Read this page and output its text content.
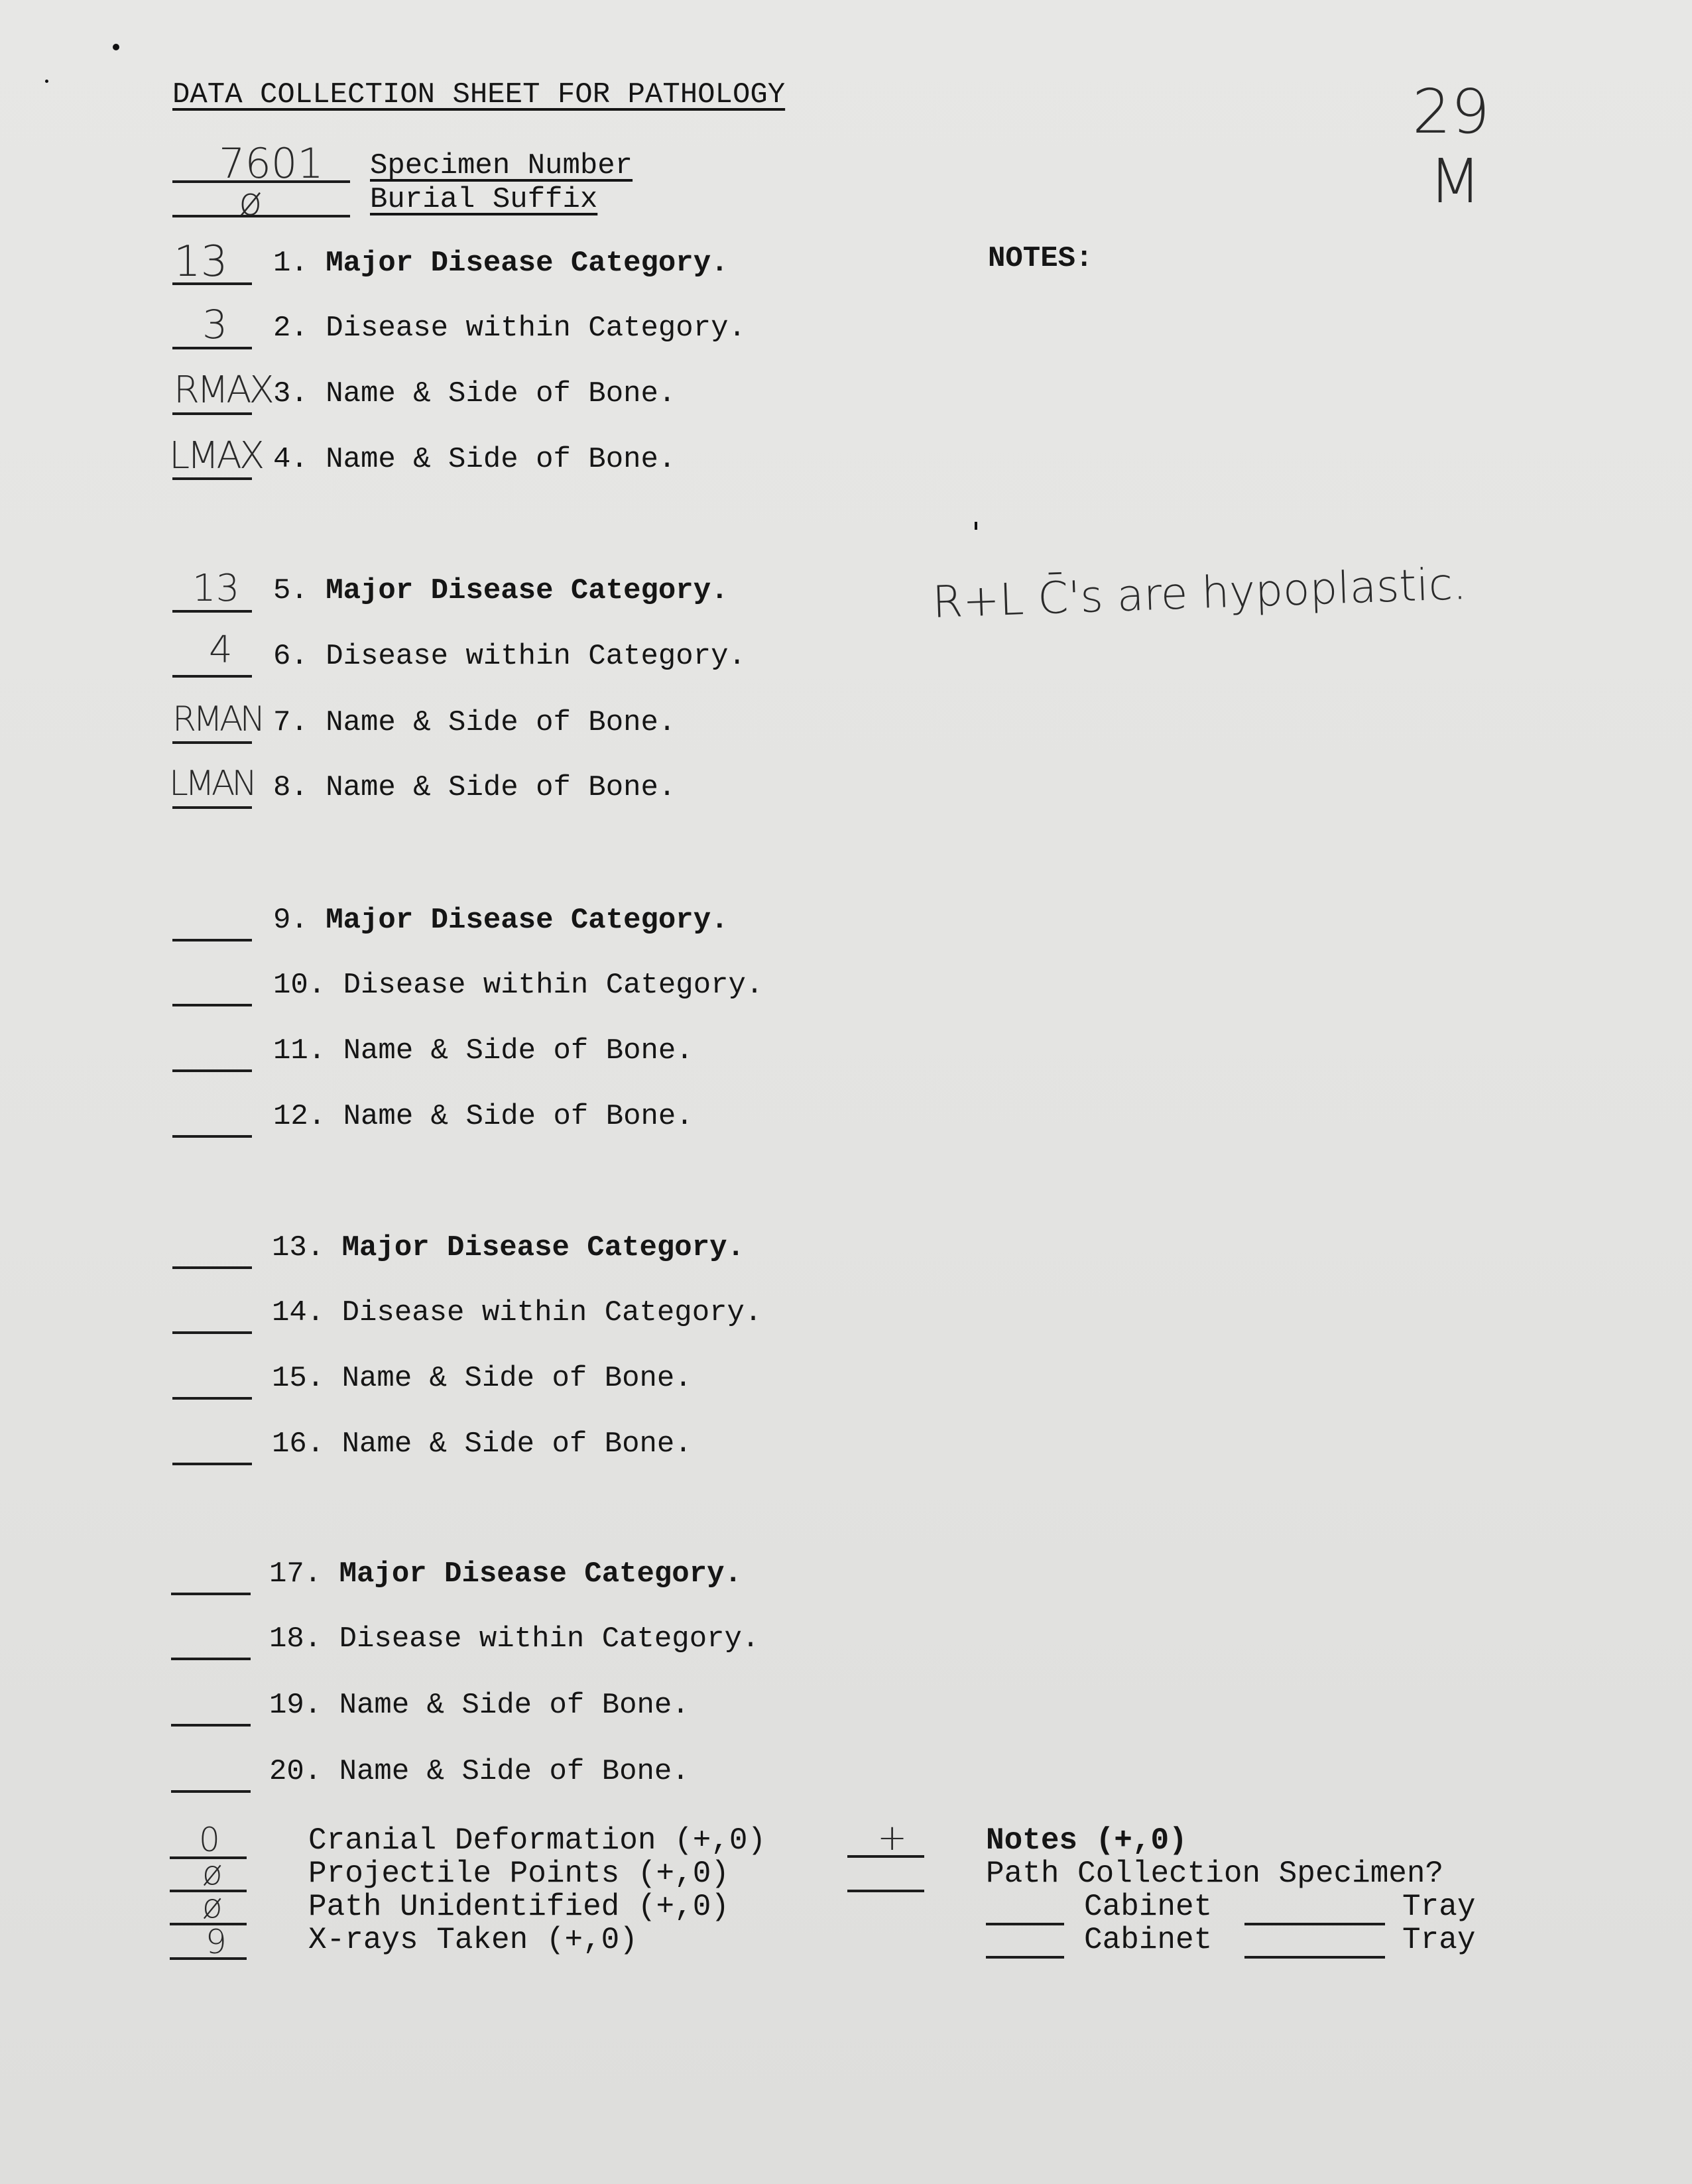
DATA COLLECTION SHEET FOR PATHOLOGY
7601 Specimen Number
ø	Burial Suffix
29
M
NOTES:
R+L C̄'s are hypoplastic.
13 1. Major Disease Category.
3 2. Disease within Category.
RMAX 3. Name & Side of Bone.
LMAX 4. Name & Side of Bone.
13 5. Major Disease Category.
4 6. Disease within Category.
RMAN 7. Name & Side of Bone.
LMAN 8. Name & Side of Bone.
9. Major Disease Category.
10. Disease within Category.
11. Name & Side of Bone.
12. Name & Side of Bone.
13. Major Disease Category.
14. Disease within Category.
15. Name & Side of Bone.
16. Name & Side of Bone.
17. Major Disease Category.
18. Disease within Category.
19. Name & Side of Bone.
20. Name & Side of Bone.
0	Cranial Deformation (+,0)
ø	Projectile Points (+,0)
ø	Path Unidentified (+,0)
9	X-rays Taken (+,0)
+	Notes (+,0)
Path Collection Specimen?
Cabinet	Tray
Cabinet	Tray
